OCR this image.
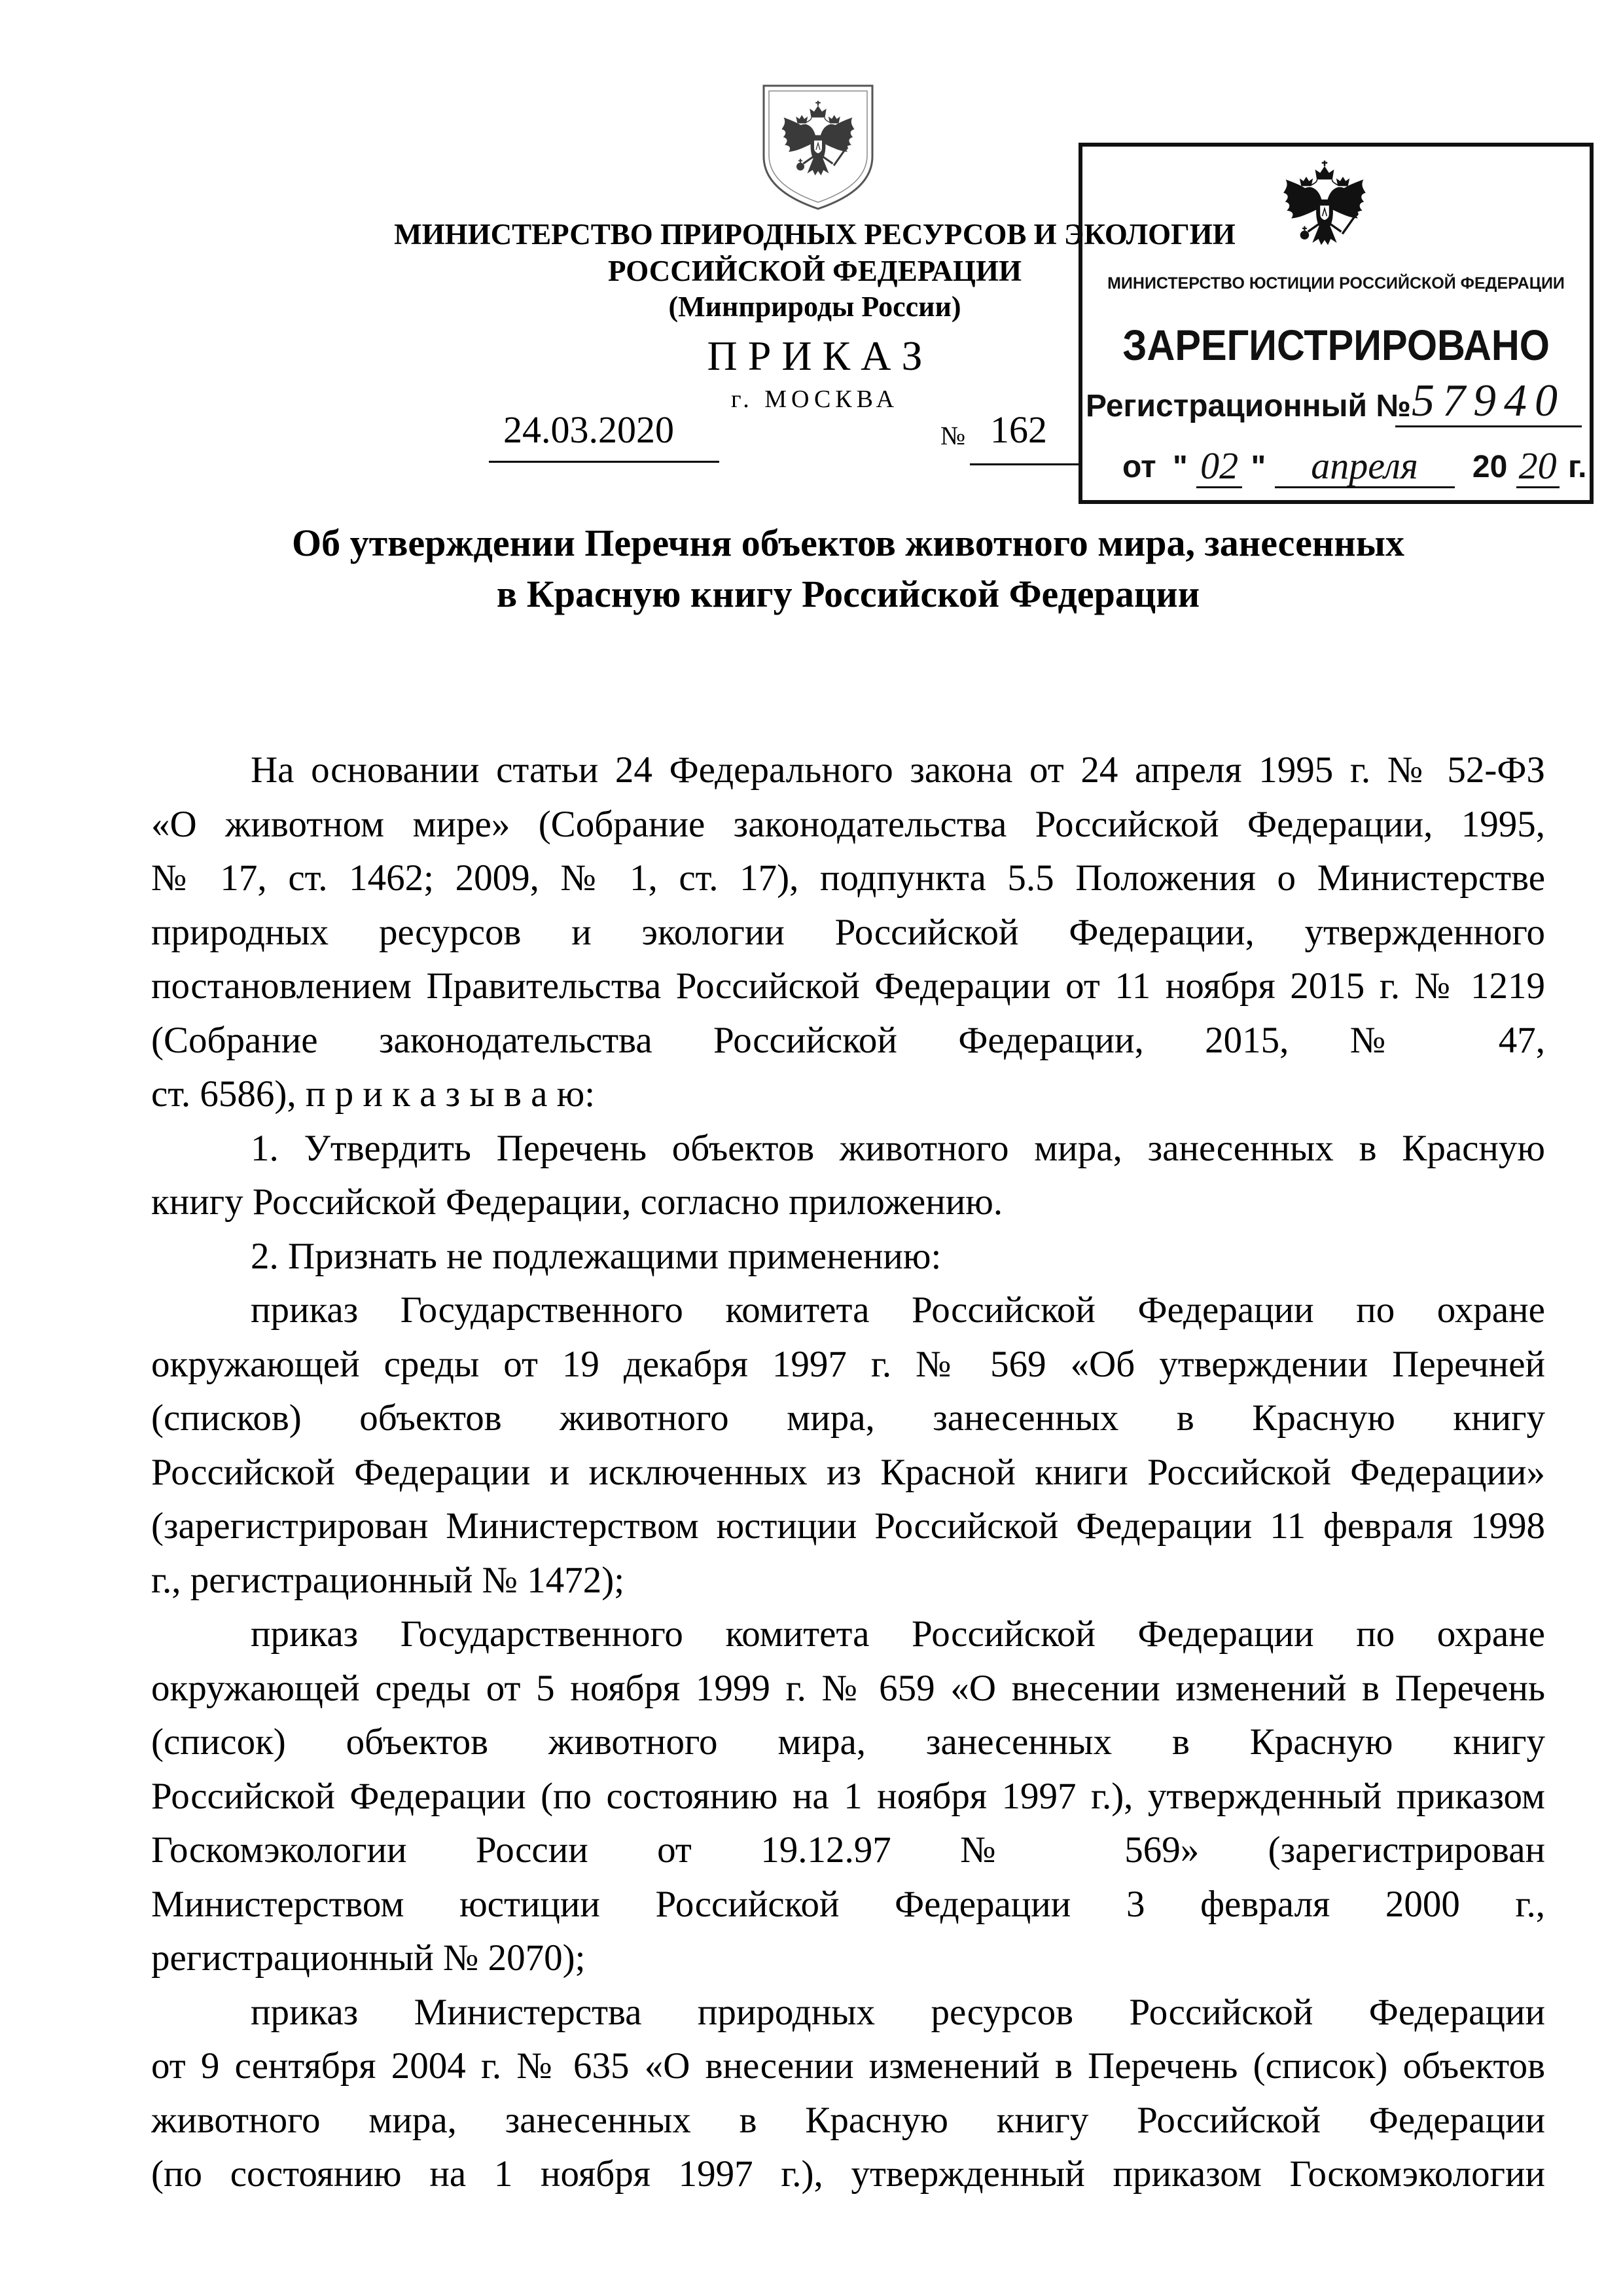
МИНИСТЕРСТВО ПРИРОДНЫХ РЕСУРСОВ И ЭКОЛОГИИ
РОССИЙСКОЙ ФЕДЕРАЦИИ
(Минприроды России)
П Р И К А З
г. МОСКВА
24.03.2020	№ 162
МИНИСТЕРСТВО ЮСТИЦИИ РОССИЙСКОЙ ФЕДЕРАЦИИ
ЗАРЕГИСТРИРОВАНО
Регистрационный № 57940
от " 02 " апреля 20 20 г.
Об утверждении Перечня объектов животного мира, занесенных
в Красную книгу Российской Федерации
На основании статьи 24 Федерального закона от 24 апреля 1995 г. № 52-ФЗ
«О животном мире» (Собрание законодательства Российской Федерации, 1995,
№ 17, ст. 1462; 2009, № 1, ст. 17), подпункта 5.5 Положения о Министерстве
природных ресурсов и экологии Российской Федерации, утвержденного
постановлением Правительства Российской Федерации от 11 ноября 2015 г. № 1219
(Собрание законодательства Российской Федерации, 2015, № 47,
ст. 6586), п р и к а з ы в а ю:
1. Утвердить Перечень объектов животного мира, занесенных в Красную
книгу Российской Федерации, согласно приложению.
2. Признать не подлежащими применению:
приказ Государственного комитета Российской Федерации по охране
окружающей среды от 19 декабря 1997 г. № 569 «Об утверждении Перечней
(списков) объектов животного мира, занесенных в Красную книгу
Российской Федерации и исключенных из Красной книги Российской Федерации»
(зарегистрирован Министерством юстиции Российской Федерации 11 февраля 1998
г., регистрационный № 1472);
приказ Государственного комитета Российской Федерации по охране
окружающей среды от 5 ноября 1999 г. № 659 «О внесении изменений в Перечень
(список) объектов животного мира, занесенных в Красную книгу
Российской Федерации (по состоянию на 1 ноября 1997 г.), утвержденный приказом
Госкомэкологии России от 19.12.97 № 569» (зарегистрирован
Министерством юстиции Российской Федерации 3 февраля 2000 г.,
регистрационный № 2070);
приказ Министерства природных ресурсов Российской Федерации
от 9 сентября 2004 г. № 635 «О внесении изменений в Перечень (список) объектов
животного мира, занесенных в Красную книгу Российской Федерации
(по состоянию на 1 ноября 1997 г.), утвержденный приказом Госкомэкологии
